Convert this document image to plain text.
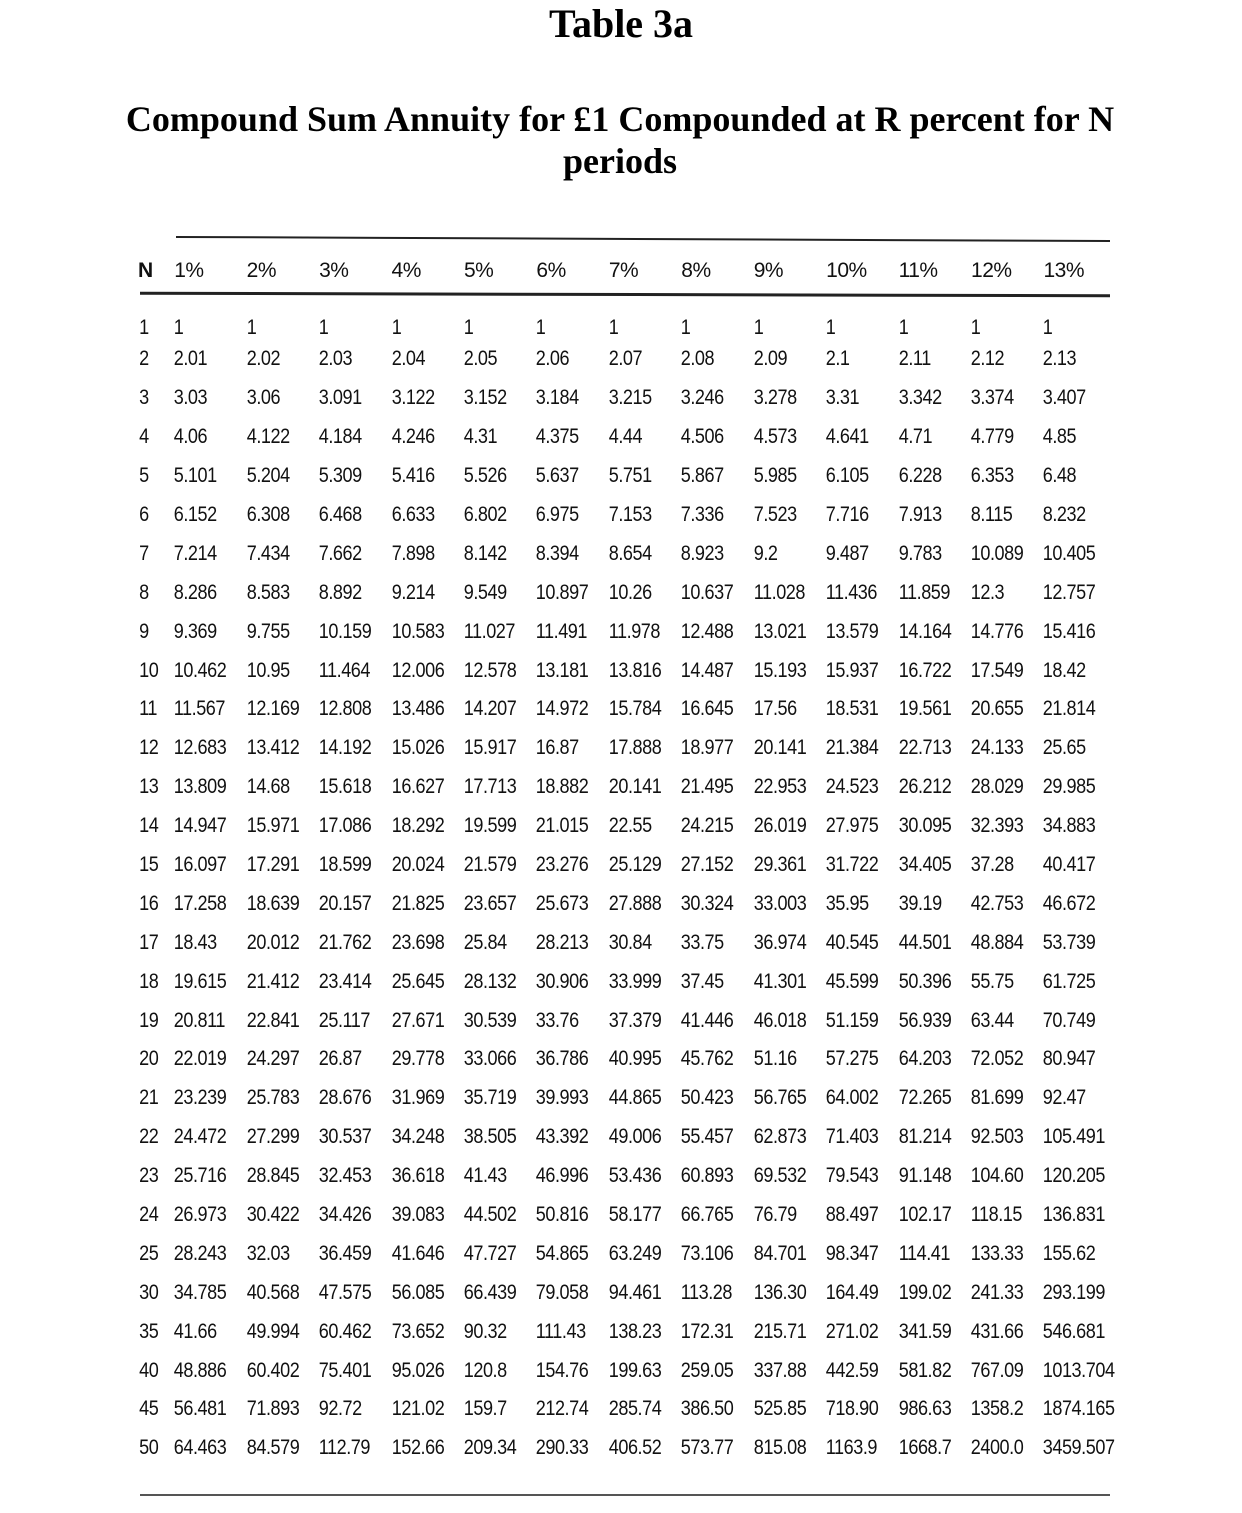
Table 3a
Compound Sum Annuity for £1 Compounded at R percent for N periods
N	1%	2%	3%	4%	5%	6%	7%	8%	9%	10%	11%	12%	13%
1	1	1	1	1	1	1	1	1	1	1	1	1	1
2	2.01	2.02	2.03	2.04	2.05	2.06	2.07	2.08	2.09	2.1	2.11	2.12	2.13
3	3.03	3.06	3.091	3.122	3.152	3.184	3.215	3.246	3.278	3.31	3.342	3.374	3.407
4	4.06	4.122	4.184	4.246	4.31	4.375	4.44	4.506	4.573	4.641	4.71	4.779	4.85
5	5.101	5.204	5.309	5.416	5.526	5.637	5.751	5.867	5.985	6.105	6.228	6.353	6.48
6	6.152	6.308	6.468	6.633	6.802	6.975	7.153	7.336	7.523	7.716	7.913	8.115	8.232
7	7.214	7.434	7.662	7.898	8.142	8.394	8.654	8.923	9.2	9.487	9.783	10.089	10.405
8	8.286	8.583	8.892	9.214	9.549	10.897	10.26	10.637	11.028	11.436	11.859	12.3	12.757
9	9.369	9.755	10.159	10.583	11.027	11.491	11.978	12.488	13.021	13.579	14.164	14.776	15.416
10	10.462	10.95	11.464	12.006	12.578	13.181	13.816	14.487	15.193	15.937	16.722	17.549	18.42
11	11.567	12.169	12.808	13.486	14.207	14.972	15.784	16.645	17.56	18.531	19.561	20.655	21.814
12	12.683	13.412	14.192	15.026	15.917	16.87	17.888	18.977	20.141	21.384	22.713	24.133	25.65
13	13.809	14.68	15.618	16.627	17.713	18.882	20.141	21.495	22.953	24.523	26.212	28.029	29.985
14	14.947	15.971	17.086	18.292	19.599	21.015	22.55	24.215	26.019	27.975	30.095	32.393	34.883
15	16.097	17.291	18.599	20.024	21.579	23.276	25.129	27.152	29.361	31.722	34.405	37.28	40.417
16	17.258	18.639	20.157	21.825	23.657	25.673	27.888	30.324	33.003	35.95	39.19	42.753	46.672
17	18.43	20.012	21.762	23.698	25.84	28.213	30.84	33.75	36.974	40.545	44.501	48.884	53.739
18	19.615	21.412	23.414	25.645	28.132	30.906	33.999	37.45	41.301	45.599	50.396	55.75	61.725
19	20.811	22.841	25.117	27.671	30.539	33.76	37.379	41.446	46.018	51.159	56.939	63.44	70.749
20	22.019	24.297	26.87	29.778	33.066	36.786	40.995	45.762	51.16	57.275	64.203	72.052	80.947
21	23.239	25.783	28.676	31.969	35.719	39.993	44.865	50.423	56.765	64.002	72.265	81.699	92.47
22	24.472	27.299	30.537	34.248	38.505	43.392	49.006	55.457	62.873	71.403	81.214	92.503	105.491
23	25.716	28.845	32.453	36.618	41.43	46.996	53.436	60.893	69.532	79.543	91.148	104.60	120.205
24	26.973	30.422	34.426	39.083	44.502	50.816	58.177	66.765	76.79	88.497	102.17	118.15	136.831
25	28.243	32.03	36.459	41.646	47.727	54.865	63.249	73.106	84.701	98.347	114.41	133.33	155.62
30	34.785	40.568	47.575	56.085	66.439	79.058	94.461	113.28	136.30	164.49	199.02	241.33	293.199
35	41.66	49.994	60.462	73.652	90.32	111.43	138.23	172.31	215.71	271.02	341.59	431.66	546.681
40	48.886	60.402	75.401	95.026	120.8	154.76	199.63	259.05	337.88	442.59	581.82	767.09	1013.704
45	56.481	71.893	92.72	121.02	159.7	212.74	285.74	386.50	525.85	718.90	986.63	1358.2	1874.165
50	64.463	84.579	112.79	152.66	209.34	290.33	406.52	573.77	815.08	1163.9	1668.7	2400.0	3459.507
